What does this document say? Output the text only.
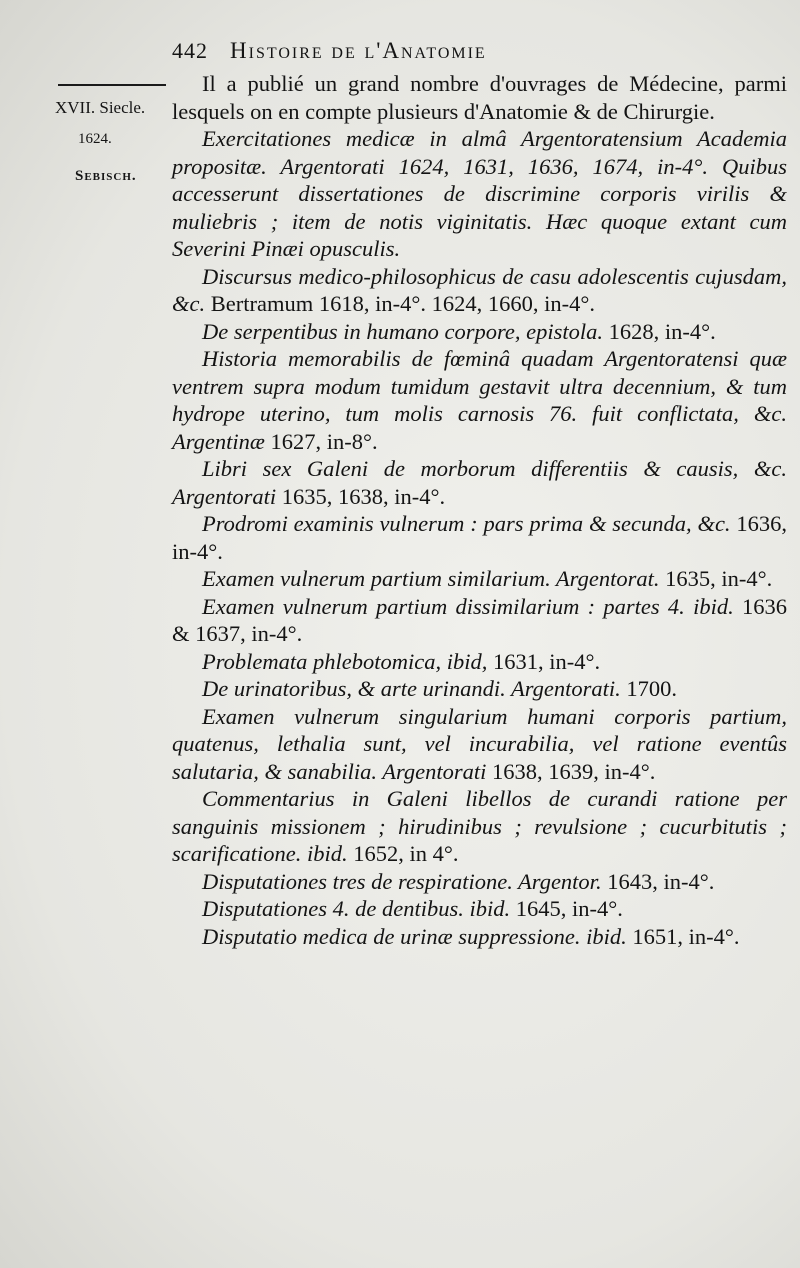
442 Histoire de l'Anatomie
XVII. Siecle.
1624.
Sebisch.

Il a publié un grand nombre d'ouvrages de Médecine, parmi lesquels on en compte plusieurs d'Anatomie & de Chirurgie.

Exercitationes medicæ in almâ Argentoratensium Academia propositæ. Argentorati 1624, 1631, 1636, 1674, in-4°. Quibus accesserunt dissertationes de discrimine corporis virilis & muliebris ; item de notis viginitatis. Hæc quoque extant cum Severini Pinæi opusculis.

Discursus medico-philosophicus de casu adolescentis cujusdam, &c. Bertramum 1618, in-4°. 1624, 1660, in-4°.

De serpentibus in humano corpore, epistola. 1628, in-4°.

Historia memorabilis de fœminâ quadam Argentoratensi quæ ventrem supra modum tumidum gestavit ultra decennium, & tum hydrope uterino, tum molis carnosis 76. fuit conflictata, &c. Argentinæ 1627, in-8°.

Libri sex Galeni de morborum differentiis & causis, &c. Argentorati 1635, 1638, in-4°.

Prodromi examinis vulnerum : pars prima & secunda, &c. 1636, in-4°.

Examen vulnerum partium similarium. Argentorat. 1635, in-4°.

Examen vulnerum partium dissimilarium : partes 4. ibid. 1636 & 1637, in-4°.

Problemata phlebotomica, ibid, 1631, in-4°.

De urinatoribus, & arte urinandi. Argentorati. 1700.

Examen vulnerum singularium humani corporis partium, quatenus, lethalia sunt, vel incurabilia, vel ratione eventûs salutaria, & sanabilia. Argentorati 1638, 1639, in-4°.

Commentarius in Galeni libellos de curandi ratione per sanguinis missionem ; hirudinibus ; revulsione ; cucurbitutis ; scarificatione. ibid. 1652, in 4°.

Disputationes tres de respiratione. Argentor. 1643, in-4°.

Disputationes 4. de dentibus. ibid. 1645, in-4°.

Disputatio medica de urinæ suppressione. ibid. 1651, in-4°.
